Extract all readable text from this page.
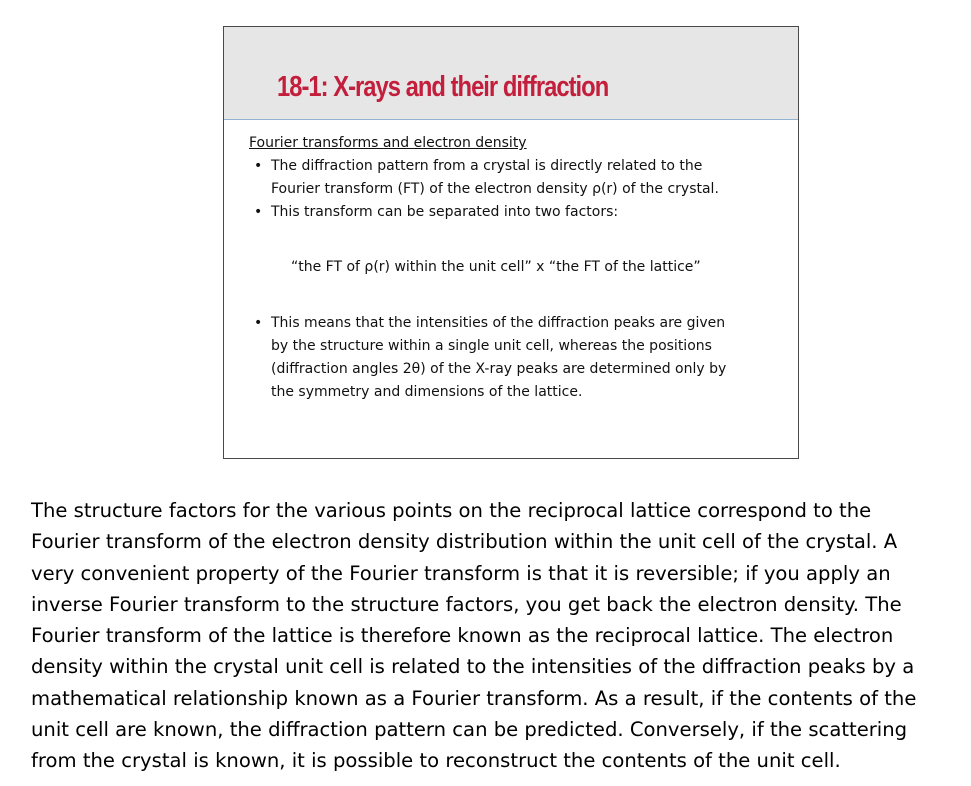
18-1: X-rays and their diffraction
Fourier transforms and electron density
• The diffraction pattern from a crystal is directly related to the
Fourier transform (FT) of the electron density ρ(r) of the crystal.
• This transform can be separated into two factors:
“the FT of ρ(r) within the unit cell” x “the FT of the lattice”
• This means that the intensities of the diffraction peaks are given
by the structure within a single unit cell, whereas the positions
(diffraction angles 2θ) of the X-ray peaks are determined only by
the symmetry and dimensions of the lattice.
The structure factors for the various points on the reciprocal lattice correspond to the
Fourier transform of the electron density distribution within the unit cell of the crystal. A
very convenient property of the Fourier transform is that it is reversible; if you apply an
inverse Fourier transform to the structure factors, you get back the electron density. The
Fourier transform of the lattice is therefore known as the reciprocal lattice. The electron
density within the crystal unit cell is related to the intensities of the diffraction peaks by a
mathematical relationship known as a Fourier transform. As a result, if the contents of the
unit cell are known, the diffraction pattern can be predicted. Conversely, if the scattering
from the crystal is known, it is possible to reconstruct the contents of the unit cell.
